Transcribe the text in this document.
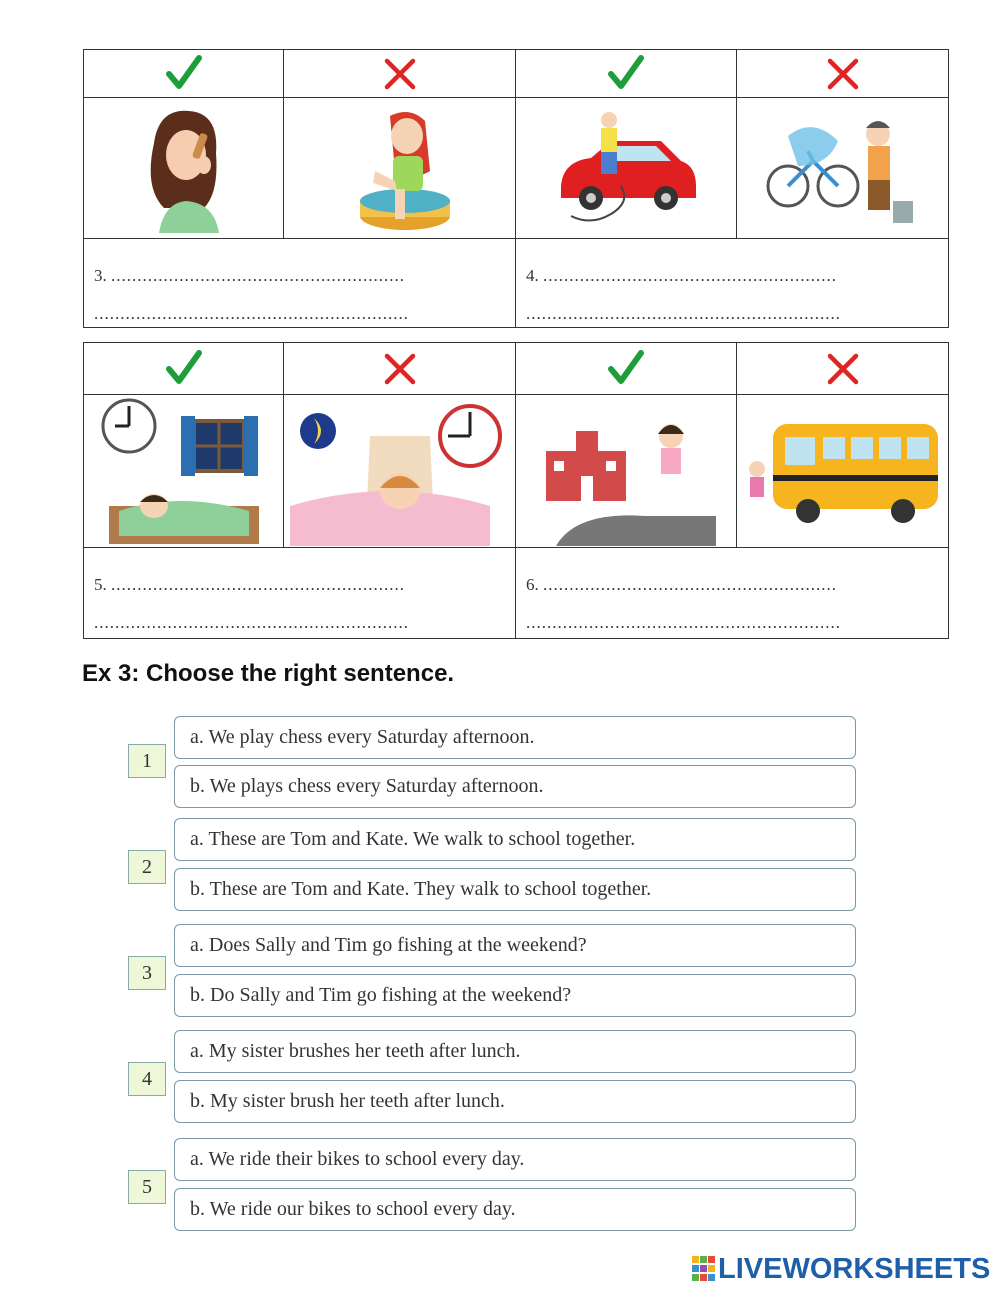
3. ........................................................
............................................................
4. ........................................................
............................................................
5. ........................................................
............................................................
6. ........................................................
............................................................
Ex 3: Choose the right sentence.
1
a. We play chess every Saturday afternoon.
b. We plays chess every Saturday afternoon.
2
a. These are Tom and Kate. We walk to school together.
b. These are Tom and Kate. They walk to school together.
3
a. Does Sally and Tim go fishing at the weekend?
b. Do Sally and Tim go fishing at the weekend?
4
a. My sister brushes her teeth after lunch.
b. My sister brush her teeth after lunch.
5
a. We ride their bikes to school every day.
b. We ride our bikes to school every day.
LIVEWORKSHEETS
